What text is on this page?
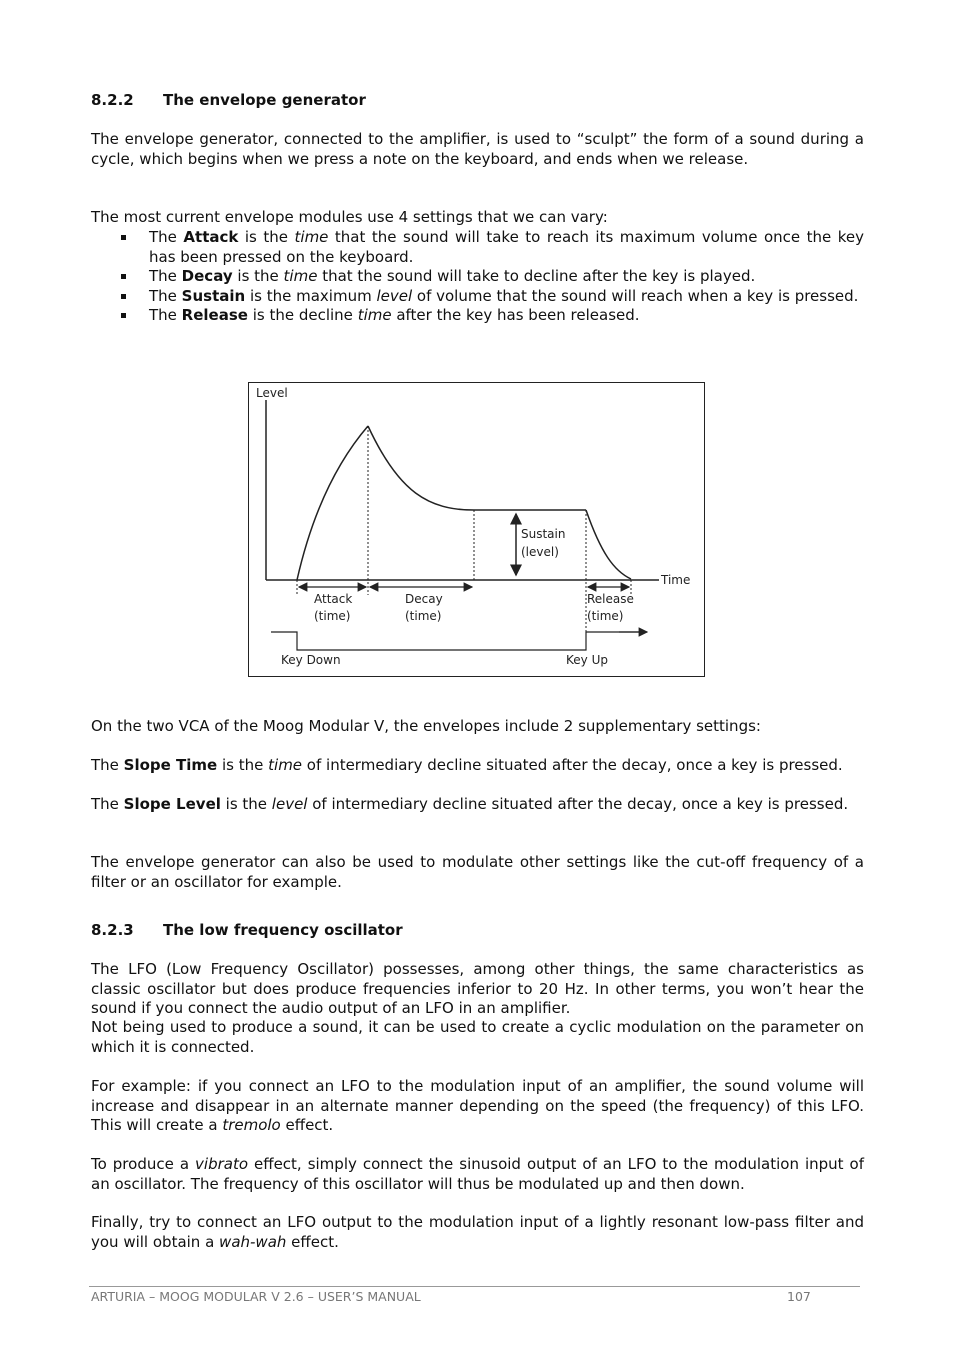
8.2.2 The envelope generator

The envelope generator, connected to the amplifier, is used to “sculpt” the form of a sound during a cycle, which begins when we press a note on the keyboard, and ends when we release.

The most current envelope modules use 4 settings that we can vary:

The Attack is the time that the sound will take to reach its maximum volume once the key has been pressed on the keyboard.
The Decay is the time that the sound will take to decline after the key is played.
The Sustain is the maximum level of volume that the sound will reach when a key is pressed.
The Release is the decline time after the key has been released.
Level
Time
Sustain
(level)
Attack
(time)
Decay
(time)
Release
(time)
Key Down	Key Up

On the two VCA of the Moog Modular V, the envelopes include 2 supplementary settings:

The Slope Time is the time of intermediary decline situated after the decay, once a key is pressed.

The Slope Level is the level of intermediary decline situated after the decay, once a key is pressed.

The envelope generator can also be used to modulate other settings like the cut-off frequency of a filter or an oscillator for example.

8.2.3 The low frequency oscillator

The LFO (Low Frequency Oscillator) possesses, among other things, the same characteristics as classic oscillator but does produce frequencies inferior to 20 Hz. In other terms, you won’t hear the sound if you connect the audio output of an LFO in an amplifier.

Not being used to produce a sound, it can be used to create a cyclic modulation on the parameter on which it is connected.

For example: if you connect an LFO to the modulation input of an amplifier, the sound volume will increase and disappear in an alternate manner depending on the speed (the frequency) of this LFO. This will create a tremolo effect.

To produce a vibrato effect, simply connect the sinusoid output of an LFO to the modulation input of an oscillator. The frequency of this oscillator will thus be modulated up and then down.

Finally, try to connect an LFO output to the modulation input of a lightly resonant low-pass filter and you will obtain a wah-wah effect.

ARTURIA – MOOG MODULAR V 2.6 – USER’S MANUAL	107
